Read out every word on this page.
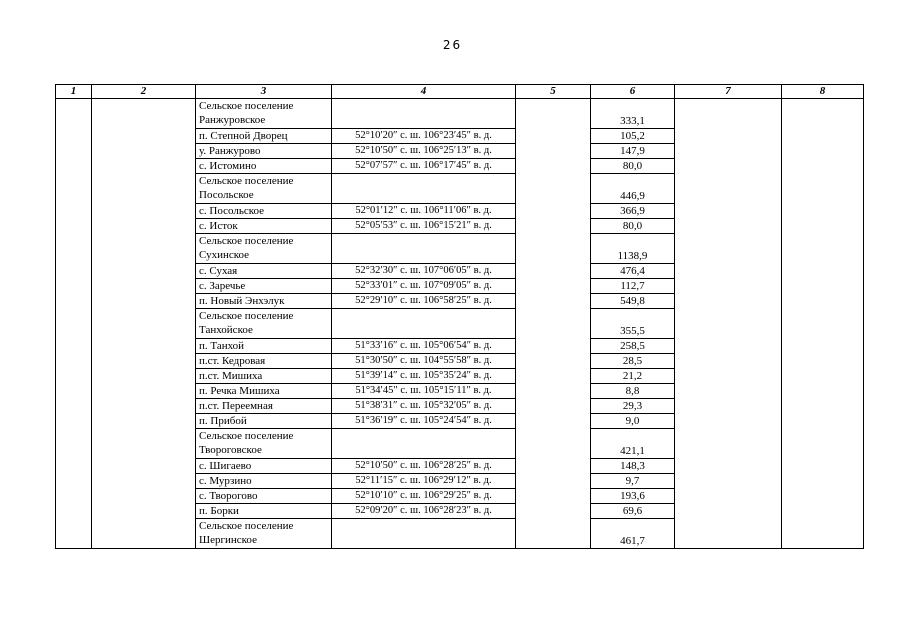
26
1	2	3	4	5	6	7	8
		Сельское поселение Ранжуровское			333,1		
		п. Степной Дворец	52°10′20″ с. ш. 106°23′45″ в. д.		105,2		
		у. Ранжурово	52°10′50″ с. ш. 106°25′13″ в. д.		147,9		
		с. Истомино	52°07′57″ с. ш. 106°17′45″ в. д.		80,0		
		Сельское поселение Посольское			446,9		
		с. Посольское	52°01′12″ с. ш. 106°11′06″ в. д.		366,9		
		с. Исток	52°05′53″ с. ш. 106°15′21″ в. д.		80,0		
		Сельское поселение Сухинское			1138,9		
		с. Сухая	52°32′30″ с. ш. 107°06′05″ в. д.		476,4		
		с. Заречье	52°33′01″ с. ш. 107°09′05″ в. д.		112,7		
		п. Новый Энхэлук	52°29′10″ с. ш. 106°58′25″ в. д.		549,8		
		Сельское поселение Танхойское			355,5		
		п. Танхой	51°33′16″ с. ш. 105°06′54″ в. д.		258,5		
		п.ст. Кедровая	51°30′50″ с. ш. 104°55′58″ в. д.		28,5		
		п.ст. Мишиха	51°39′14″ с. ш. 105°35′24″ в. д.		21,2		
		п. Речка Мишиха	51°34′45″ с. ш. 105°15′11″ в. д.		8,8		
		п.ст. Переемная	51°38′31″ с. ш. 105°32′05″ в. д.		29,3		
		п. Прибой	51°36′19″ с. ш. 105°24′54″ в. д.		9,0		
		Сельское поселение Твороговское			421,1		
		с. Шигаево	52°10′50″ с. ш. 106°28′25″ в. д.		148,3		
		с. Мурзино	52°11′15″ с. ш. 106°29′12″ в. д.		9,7		
		с. Творогово	52°10′10″ с. ш. 106°29′25″ в. д.		193,6		
		п. Борки	52°09′20″ с. ш. 106°28′23″ в. д.		69,6		
		Сельское поселение Шергинское			461,7		
